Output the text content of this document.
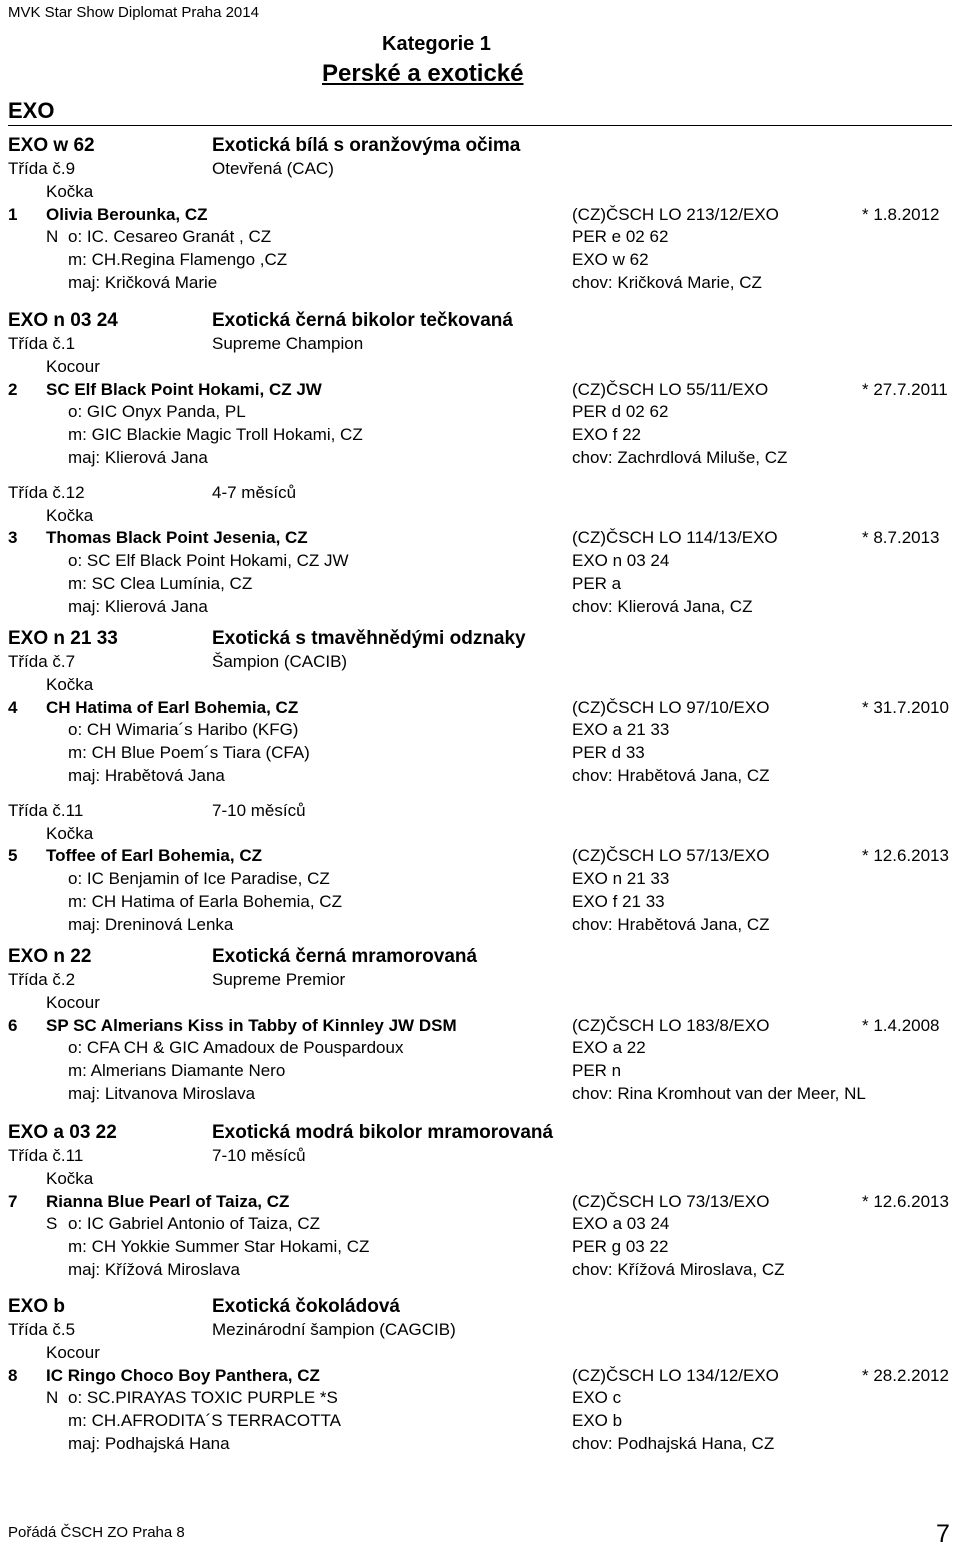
MVK Star Show Diplomat Praha 2014
Kategorie 1
Perské a exotické
EXO
EXO w 62	Exotická bílá s oranžovýma očima
Třída č.9	Otevřená (CAC)
Kočka
1 Olivia Berounka, CZ	(CZ)ČSCH LO 213/12/EXO	* 1.8.2012
N o: IC. Cesareo Granát , CZ	PER e 02 62
m: CH.Regina Flamengo ,CZ	EXO w 62
maj: Kričková Marie	chov: Kričková Marie, CZ
EXO n 03 24	Exotická černá bikolor tečkovaná
Třída č.1	Supreme Champion
Kocour
2 SC Elf Black Point Hokami, CZ JW	(CZ)ČSCH LO 55/11/EXO	* 27.7.2011
o: GIC Onyx Panda, PL	PER d 02 62
m: GIC Blackie Magic Troll Hokami, CZ	EXO f 22
maj: Klierová Jana	chov: Zachrdlová Miluše, CZ
Třída č.12	4-7 měsíců
Kočka
3 Thomas Black Point Jesenia, CZ	(CZ)ČSCH LO 114/13/EXO	* 8.7.2013
o: SC Elf Black Point Hokami, CZ JW	EXO n 03 24
m: SC Clea Lumínia, CZ	PER a
maj: Klierová Jana	chov: Klierová Jana, CZ
EXO n 21 33	Exotická s tmavěhnědými odznaky
Třída č.7	Šampion (CACIB)
Kočka
4 CH Hatima of Earl Bohemia, CZ	(CZ)ČSCH LO 97/10/EXO	* 31.7.2010
o: CH Wimaria´s Haribo (KFG)	EXO a 21 33
m: CH Blue Poem´s Tiara (CFA)	PER d 33
maj: Hrabětová Jana	chov: Hrabětová Jana, CZ
Třída č.11	7-10 měsíců
Kočka
5 Toffee of Earl Bohemia, CZ	(CZ)ČSCH LO 57/13/EXO	* 12.6.2013
o: IC Benjamin of Ice Paradise, CZ	EXO n 21 33
m: CH Hatima of Earla Bohemia, CZ	EXO f 21 33
maj: Dreninová Lenka	chov: Hrabětová Jana, CZ
EXO n 22	Exotická černá mramorovaná
Třída č.2	Supreme Premior
Kocour
6 SP SC Almerians Kiss in Tabby of Kinnley JW DSM	(CZ)ČSCH LO 183/8/EXO	* 1.4.2008
o: CFA CH & GIC Amadoux de Pouspardoux	EXO a 22
m: Almerians Diamante Nero	PER n
maj: Litvanova Miroslava	chov: Rina Kromhout van der Meer, NL
EXO a 03 22	Exotická modrá bikolor mramorovaná
Třída č.11	7-10 měsíců
Kočka
7 Rianna Blue Pearl of Taiza, CZ	(CZ)ČSCH LO 73/13/EXO	* 12.6.2013
S o: IC Gabriel Antonio of Taiza, CZ	EXO a 03 24
m: CH Yokkie Summer Star Hokami, CZ	PER g 03 22
maj: Křížová Miroslava	chov: Křížová Miroslava, CZ
EXO b	Exotická čokoládová
Třída č.5	Mezinárodní šampion (CAGCIB)
Kocour
8 IC Ringo Choco Boy Panthera, CZ	(CZ)ČSCH LO 134/12/EXO	* 28.2.2012
N o: SC.PIRAYAS TOXIC PURPLE *S	EXO c
m: CH.AFRODITA´S TERRACOTTA	EXO b
maj: Podhajská Hana	chov: Podhajská Hana, CZ
Pořádá ČSCH ZO Praha 8	7
